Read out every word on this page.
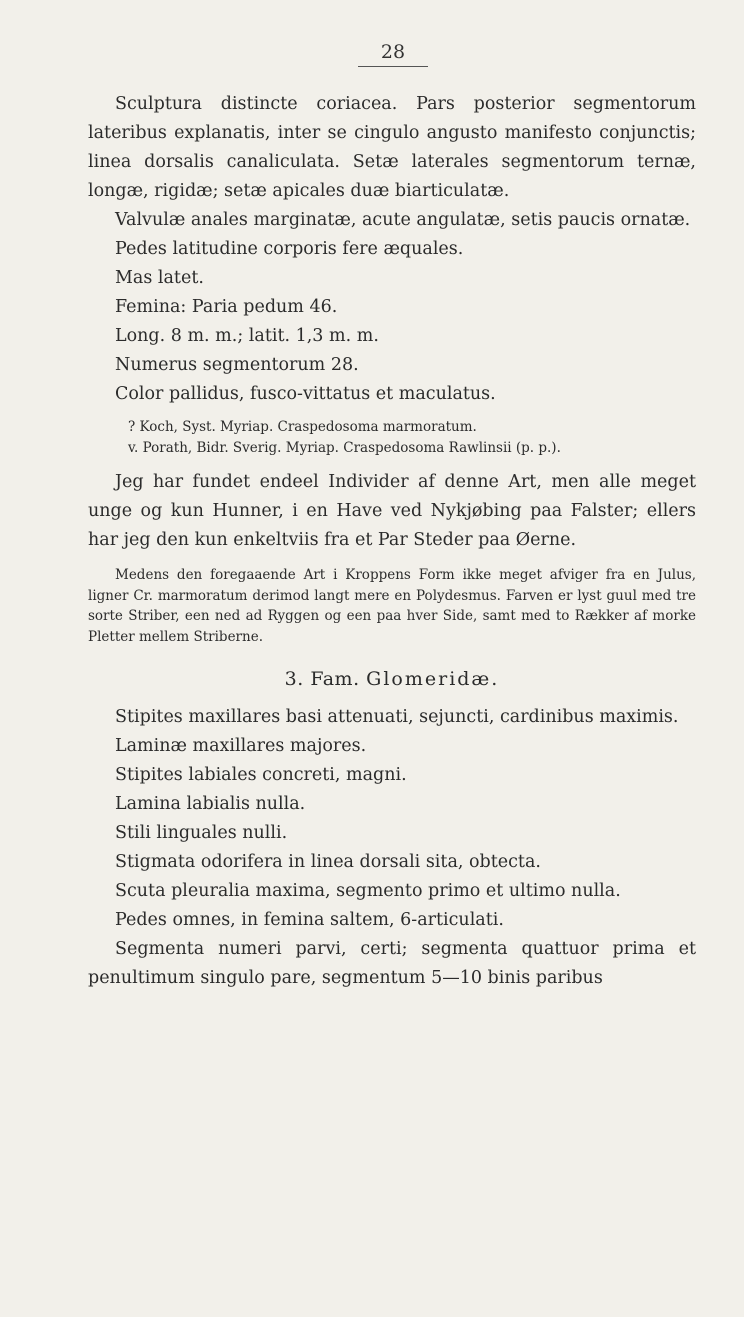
28

Sculptura distincte coriacea. Pars posterior segmentorum lateribus explanatis, inter se cingulo angusto manifesto conjunctis; linea dorsalis canaliculata. Setæ laterales segmentorum ternæ, longæ, rigidæ; setæ apicales duæ biarticulatæ.

Valvulæ anales marginatæ, acute angulatæ, setis paucis ornatæ.

Pedes latitudine corporis fere æquales.

Mas latet.

Femina: Paria pedum 46.

Long. 8 m. m.; latit. 1,3 m. m.

Numerus segmentorum 28.

Color pallidus, fusco-vittatus et maculatus.

? Koch, Syst. Myriap. Craspedosoma marmoratum.

v. Porath, Bidr. Sverig. Myriap. Craspedosoma Rawlinsii (p. p.).

Jeg har fundet endeel Individer af denne Art, men alle meget unge og kun Hunner, i en Have ved Nykjøbing paa Falster; ellers har jeg den kun enkeltviis fra et Par Steder paa Øerne.

Medens den foregaaende Art i Kroppens Form ikke meget afviger fra en Julus, ligner Cr. marmoratum derimod langt mere en Polydesmus. Farven er lyst guul med tre sorte Striber, een ned ad Ryggen og een paa hver Side, samt med to Rækker af morke Pletter mellem Striberne.

3. Fam. Glomeridæ.

Stipites maxillares basi attenuati, sejuncti, cardinibus maximis.

Laminæ maxillares majores.

Stipites labiales concreti, magni.

Lamina labialis nulla.

Stili linguales nulli.

Stigmata odorifera in linea dorsali sita, obtecta.

Scuta pleuralia maxima, segmento primo et ultimo nulla.

Pedes omnes, in femina saltem, 6-articulati.

Segmenta numeri parvi, certi; segmenta quattuor prima et penultimum singulo pare, segmentum 5—10 binis paribus
